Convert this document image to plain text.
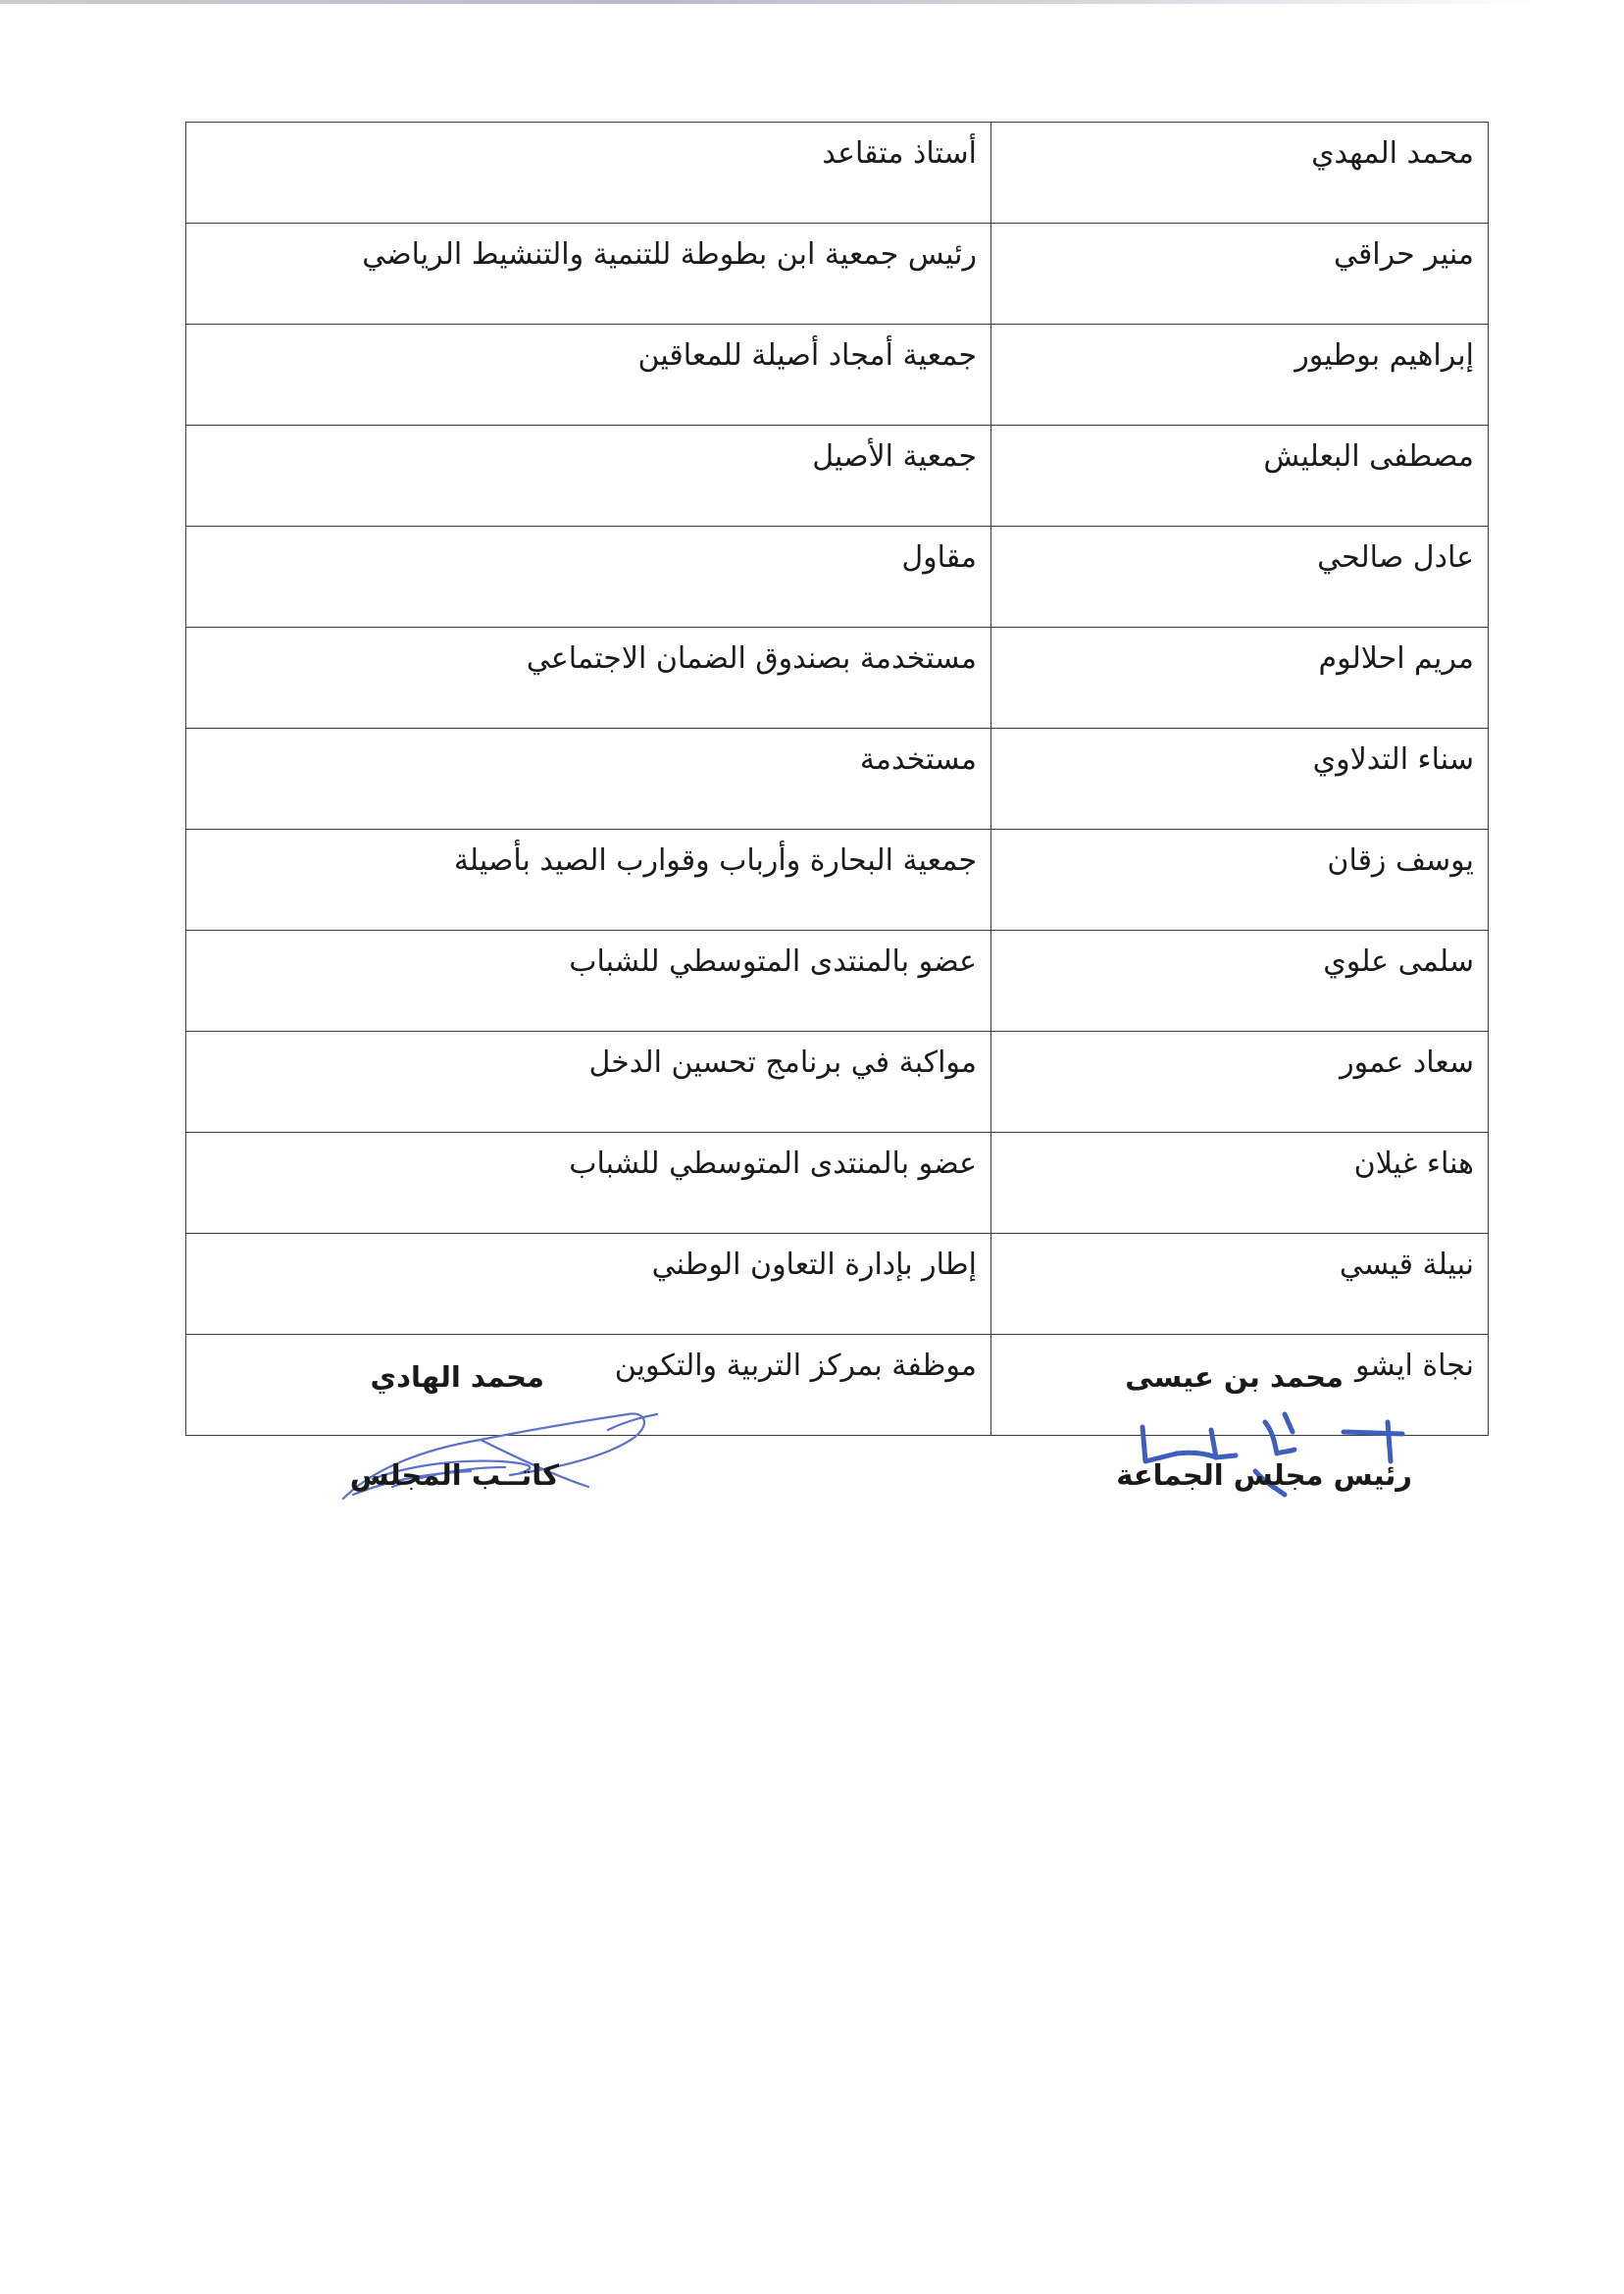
محمد المهدي	أستاذ متقاعد
منير حراقي	رئيس جمعية ابن بطوطة للتنمية والتنشيط الرياضي
إبراهيم بوطيور	جمعية أمجاد أصيلة للمعاقين
مصطفى البعليش	جمعية الأصيل
عادل صالحي	مقاول
مريم احلالوم	مستخدمة بصندوق الضمان الاجتماعي
سناء التدلاوي	مستخدمة
يوسف زقان	جمعية البحارة وأرباب وقوارب الصيد بأصيلة
سلمى علوي	عضو بالمنتدى المتوسطي للشباب
سعاد عمور	مواكبة في برنامج تحسين الدخل
هناء غيلان	عضو بالمنتدى المتوسطي للشباب
نبيلة قيسي	إطار بإدارة التعاون الوطني
نجاة ايشو	موظفة بمركز التربية والتكوين	محمد بن عيسى
رئيس مجلس الجماعة
محمد الهادي
كاتــب المجلس
